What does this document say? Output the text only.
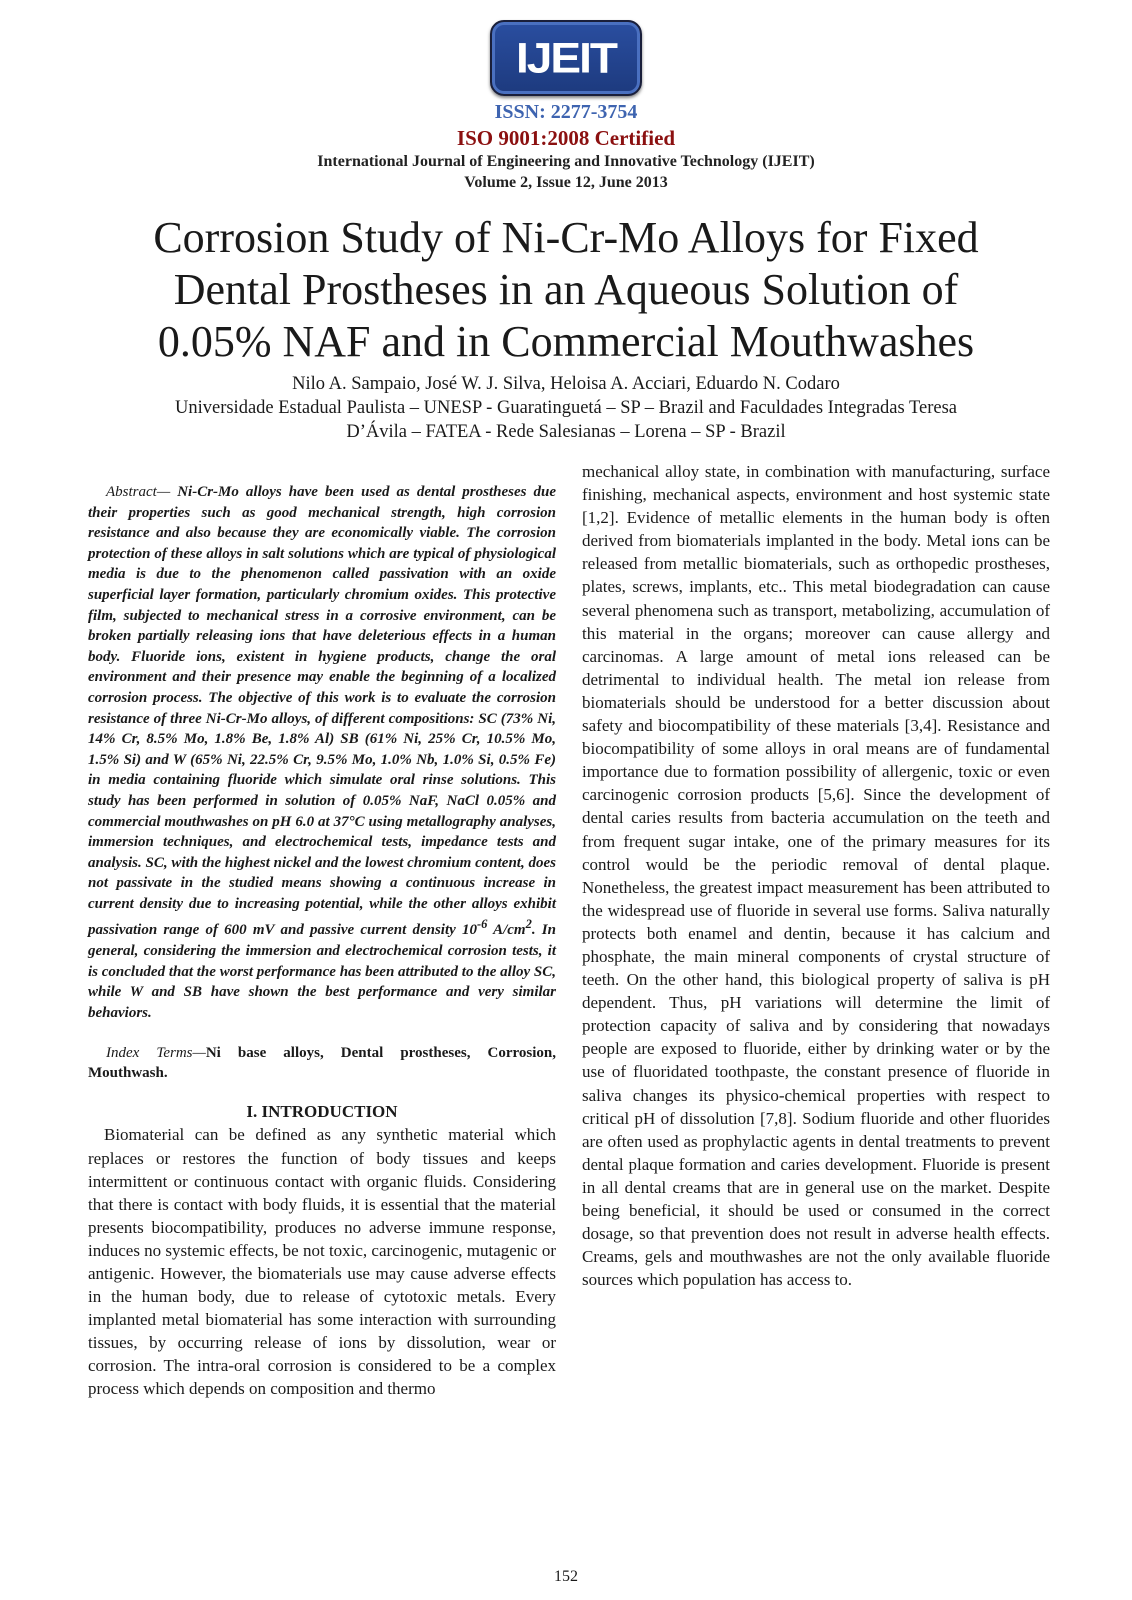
IJEIT
ISSN: 2277-3754
ISO 9001:2008 Certified
International Journal of Engineering and Innovative Technology (IJEIT)
Volume 2, Issue 12, June 2013
Corrosion Study of Ni-Cr-Mo Alloys for Fixed Dental Prostheses in an Aqueous Solution of 0.05% NAF and in Commercial Mouthwashes
Nilo A. Sampaio, José W. J. Silva, Heloisa A. Acciari, Eduardo N. Codaro
Universidade Estadual Paulista – UNESP - Guaratinguetá – SP – Brazil and Faculdades Integradas Teresa D’Ávila – FATEA - Rede Salesianas – Lorena – SP - Brazil

Abstract— Ni-Cr-Mo alloys have been used as dental prostheses due their properties such as good mechanical strength, high corrosion resistance and also because they are economically viable. The corrosion protection of these alloys in salt solutions which are typical of physiological media is due to the phenomenon called passivation with an oxide superficial layer formation, particularly chromium oxides. This protective film, subjected to mechanical stress in a corrosive environment, can be broken partially releasing ions that have deleterious effects in a human body. Fluoride ions, existent in hygiene products, change the oral environment and their presence may enable the beginning of a localized corrosion process. The objective of this work is to evaluate the corrosion resistance of three Ni-Cr-Mo alloys, of different compositions: SC (73% Ni, 14% Cr, 8.5% Mo, 1.8% Be, 1.8% Al) SB (61% Ni, 25% Cr, 10.5% Mo, 1.5% Si) and W (65% Ni, 22.5% Cr, 9.5% Mo, 1.0% Nb, 1.0% Si, 0.5% Fe) in media containing fluoride which simulate oral rinse solutions. This study has been performed in solution of 0.05% NaF, NaCl 0.05% and commercial mouthwashes on pH 6.0 at 37°C using metallography analyses, immersion techniques, and electrochemical tests, impedance tests and analysis. SC, with the highest nickel and the lowest chromium content, does not passivate in the studied means showing a continuous increase in current density due to increasing potential, while the other alloys exhibit passivation range of 600 mV and passive current density $10^{-6}$ $A/cm^2$. In general, considering the immersion and electrochemical corrosion tests, it is concluded that the worst performance has been attributed to the alloy SC, while W and SB have shown the best performance and very similar behaviors.

Index Terms—Ni base alloys, Dental prostheses, Corrosion, Mouthwash.

I. INTRODUCTION

Biomaterial can be defined as any synthetic material which replaces or restores the function of body tissues and keeps intermittent or continuous contact with organic fluids. Considering that there is contact with body fluids, it is essential that the material presents biocompatibility, produces no adverse immune response, induces no systemic effects, be not toxic, carcinogenic, mutagenic or antigenic. However, the biomaterials use may cause adverse effects in the human body, due to release of cytotoxic metals. Every implanted metal biomaterial has some interaction with surrounding tissues, by occurring release of ions by dissolution, wear or corrosion. The intra-oral corrosion is considered to be a complex process which depends on composition and thermo

mechanical alloy state, in combination with manufacturing, surface finishing, mechanical aspects, environment and host systemic state [1,2]. Evidence of metallic elements in the human body is often derived from biomaterials implanted in the body. Metal ions can be released from metallic biomaterials, such as orthopedic prostheses, plates, screws, implants, etc.. This metal biodegradation can cause several phenomena such as transport, metabolizing, accumulation of this material in the organs; moreover can cause allergy and carcinomas. A large amount of metal ions released can be detrimental to individual health. The metal ion release from biomaterials should be understood for a better discussion about safety and biocompatibility of these materials [3,4]. Resistance and biocompatibility of some alloys in oral means are of fundamental importance due to formation possibility of allergenic, toxic or even carcinogenic corrosion products [5,6]. Since the development of dental caries results from bacteria accumulation on the teeth and from frequent sugar intake, one of the primary measures for its control would be the periodic removal of dental plaque. Nonetheless, the greatest impact measurement has been attributed to the widespread use of fluoride in several use forms. Saliva naturally protects both enamel and dentin, because it has calcium and phosphate, the main mineral components of crystal structure of teeth. On the other hand, this biological property of saliva is pH dependent. Thus, pH variations will determine the limit of protection capacity of saliva and by considering that nowadays people are exposed to fluoride, either by drinking water or by the use of fluoridated toothpaste, the constant presence of fluoride in saliva changes its physico-chemical properties with respect to critical pH of dissolution [7,8]. Sodium fluoride and other fluorides are often used as prophylactic agents in dental treatments to prevent dental plaque formation and caries development. Fluoride is present in all dental creams that are in general use on the market. Despite being beneficial, it should be used or consumed in the correct dosage, so that prevention does not result in adverse health effects. Creams, gels and mouthwashes are not the only available fluoride sources which population has access to.

152
